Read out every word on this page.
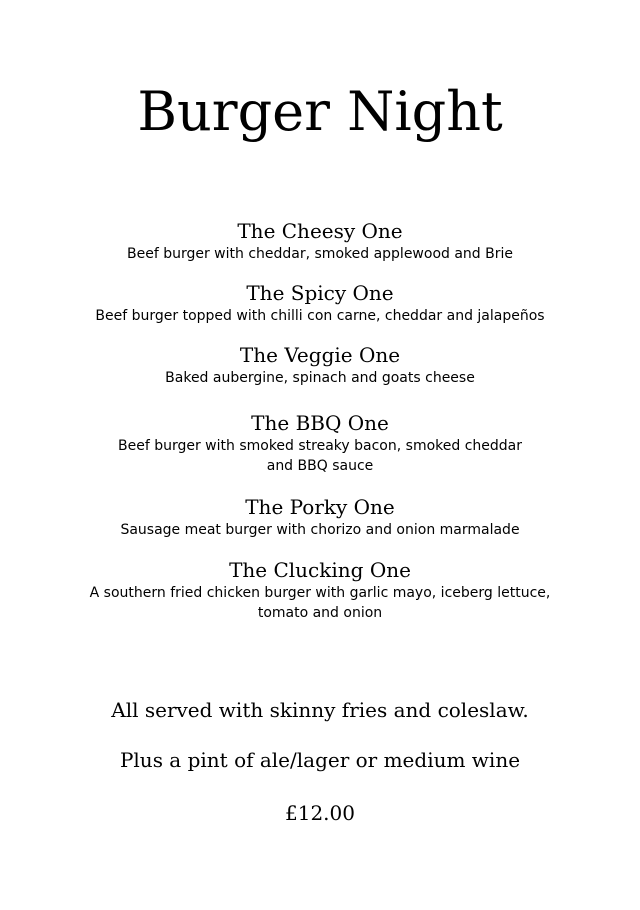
Burger Night
The Cheesy One
Beef burger with cheddar, smoked applewood and Brie
The Spicy One
Beef burger topped with chilli con carne, cheddar and jalapeños
The Veggie One
Baked aubergine, spinach and goats cheese
The BBQ One
Beef burger with smoked streaky bacon, smoked cheddar and BBQ sauce
The Porky One
Sausage meat burger with chorizo and onion marmalade
The Clucking One
A southern fried chicken burger with garlic mayo, iceberg lettuce, tomato and onion
All served with skinny fries and coleslaw.
Plus a pint of ale/lager or medium wine
£12.00
